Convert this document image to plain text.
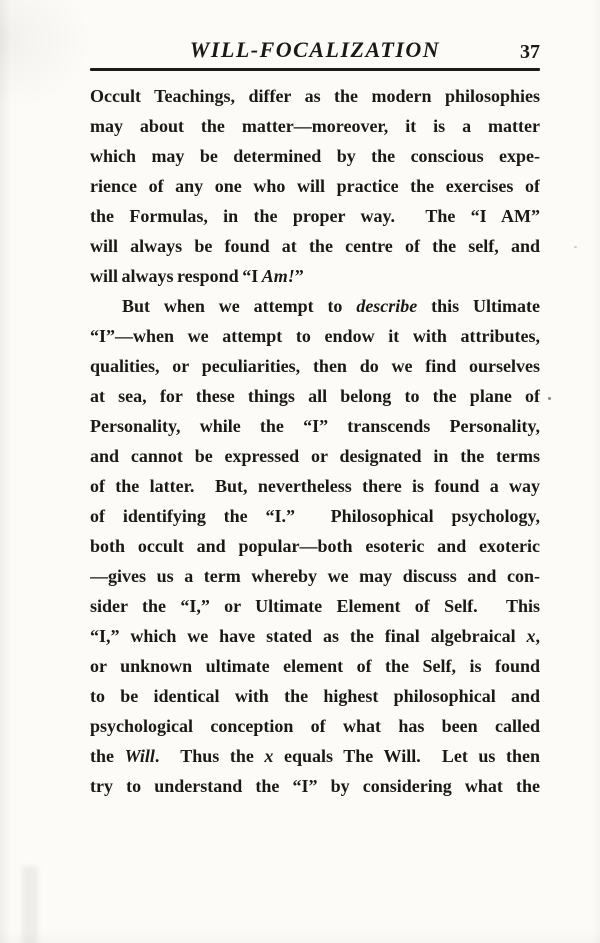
WILL-FOCALIZATION	37
Occult Teachings, differ as the modern philosophies
may about the matter—moreover, it is a matter
which may be determined by the conscious expe-
rience of any one who will practice the exercises of
the Formulas, in the proper way.  The “I AM”
will always be found at the centre of the self, and
will always respond “I Am!”
But when we attempt to describe this Ultimate
“I”—when we attempt to endow it with attributes,
qualities, or peculiarities, then do we find ourselves
at sea, for these things all belong to the plane of
Personality, while the “I” transcends Personality,
and cannot be expressed or designated in the terms
of the latter.  But, nevertheless there is found a way
of identifying the “I.”  Philosophical psychology,
both occult and popular—both esoteric and exoteric
—gives us a term whereby we may discuss and con-
sider the “I,” or Ultimate Element of Self.  This
“I,” which we have stated as the final algebraical x,
or unknown ultimate element of the Self, is found
to be identical with the highest philosophical and
psychological conception of what has been called
the Will.  Thus the x equals The Will.  Let us then
try to understand the “I” by considering what the
